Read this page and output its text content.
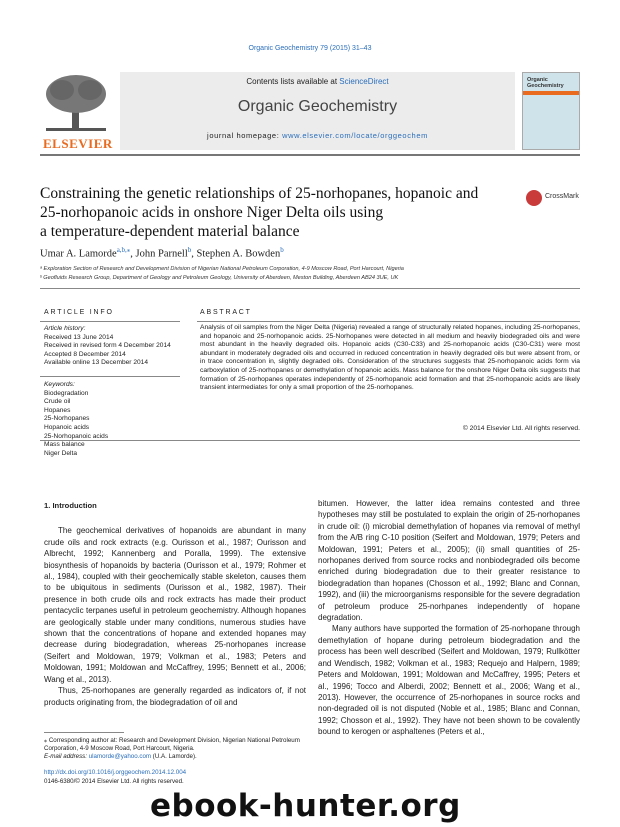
Organic Geochemistry 79 (2015) 31–43
ELSEVIER
Contents lists available at ScienceDirect
Organic Geochemistry
journal homepage: www.elsevier.com/locate/orggeochem
Organic Geochemistry
Constraining the genetic relationships of 25-norhopanes, hopanoic and
25-norhopanoic acids in onshore Niger Delta oils using
a temperature-dependent material balance
CrossMark
Umar A. Lamorde$^{a,b,⁎}$, John Parnell$^b$, Stephen A. Bowden$^b$
ᵃ Exploration Section of Research and Development Division of Nigerian National Petroleum Corporation, 4-9 Moscow Road, Port Harcourt, Nigeria
ᵇ Geofluids Research Group, Department of Geology and Petroleum Geology, University of Aberdeen, Meston Building, Aberdeen AB24 3UE, UK
ARTICLE INFO
Article history:
Received 13 June 2014
Received in revised form 4 December 2014
Accepted 8 December 2014
Available online 13 December 2014
Keywords:
Biodegradation
Crude oil
Hopanes
25-Norhopanes
Hopanoic acids
25-Norhopanoic acids
Mass balance
Niger Delta
ABSTRACT
Analysis of oil samples from the Niger Delta (Nigeria) revealed a range of structurally related hopanes, including 25-norhopanes, and hopanoic and 25-norhopanoic acids. 25-Norhopanes were detected in all medium and heavily biodegraded oils and were most abundant in the heavily degraded oils. Hopanoic acids (C30-C33) and 25-norhopanoic acids (C30-C31) were most abundant in moderately degraded oils and occurred in reduced concentration in heavily degraded oils but were absent from, or in trace concentration in, slightly degraded oils. Consideration of the structures suggests that 25-norhopanoic acids form via carboxylation of 25-norhopanes or demethylation of hopanoic acids. Mass balance for the onshore Niger Delta oils suggests that formation of 25-norhopanes operates independently of 25-norhopanoic acid formation and that 25-norhopanoic acids are likely transient intermediates for only a small proportion of the 25-norhopanes.
© 2014 Elsevier Ltd. All rights reserved.
1. Introduction

The geochemical derivatives of hopanoids are abundant in many crude oils and rock extracts (e.g. Ourisson et al., 1987; Ourisson and Albrecht, 1992; Kannenberg and Poralla, 1999). The extensive biosynthesis of hopanoids by bacteria (Ourisson et al., 1979; Rohmer et al., 1984), coupled with their geochemically stable skeleton, causes them to be ubiquitous in sediments (Ourisson et al., 1982, 1987). Their presence in both crude oils and rock extracts has made their product pentacyclic terpanes useful in petroleum geochemistry. Although hopanes are geologically stable under many conditions, numerous studies have shown that the concentrations of hopane and extended hopanes may decrease during biodegradation, whereas 25-norhopanes increase (Seifert and Moldowan, 1979; Volkman et al., 1983; Peters and Moldowan, 1991; Moldowan and McCaffrey, 1995; Bennett et al., 2006; Wang et al., 2013).

Thus, 25-norhopanes are generally regarded as indicators of, if not products originating from, the biodegradation of oil and

bitumen. However, the latter idea remains contested and three hypotheses may still be postulated to explain the origin of 25-norhopanes in crude oil: (i) microbial demethylation of hopanes via removal of methyl from the A/B ring C-10 position (Seifert and Moldowan, 1979; Peters and Moldowan, 1991; Peters et al., 2005); (ii) small quantities of 25-norhopanes derived from source rocks and nonbiodegraded oils become enriched during biodegradation due to their greater resistance to biodegradation than hopanes (Chosson et al., 1992; Blanc and Connan, 1992), and (iii) the microorganisms responsible for the severe degradation of petroleum produce 25-norhpanes independently of hopane degradation.

Many authors have supported the formation of 25-norhopane through demethylation of hopane during petroleum biodegradation and the process has been well described (Seifert and Moldowan, 1979; Rullkötter and Wendisch, 1982; Volkman et al., 1983; Requejo and Halpern, 1989; Peters and Moldowan, 1991; Moldowan and McCaffrey, 1995; Peters et al., 1996; Tocco and Alberdi, 2002; Bennett et al., 2006; Wang et al., 2013). However, the occurrence of 25-norhopanes in source rocks and non-degraded oil is not disputed (Noble et al., 1985; Blanc and Connan, 1992; Chosson et al., 1992). They have not been shown to be covalently bound to kerogen or asphaltenes (Peters et al.,

⁎ Corresponding author at: Research and Development Division, Nigerian National Petroleum Corporation, 4-9 Moscow Road, Port Harcourt, Nigeria.
E-mail address: ulamorde@yahoo.com (U.A. Lamorde).
http://dx.doi.org/10.1016/j.orggeochem.2014.12.004
0146-6380/© 2014 Elsevier Ltd. All rights reserved.
ebook-hunter.org
